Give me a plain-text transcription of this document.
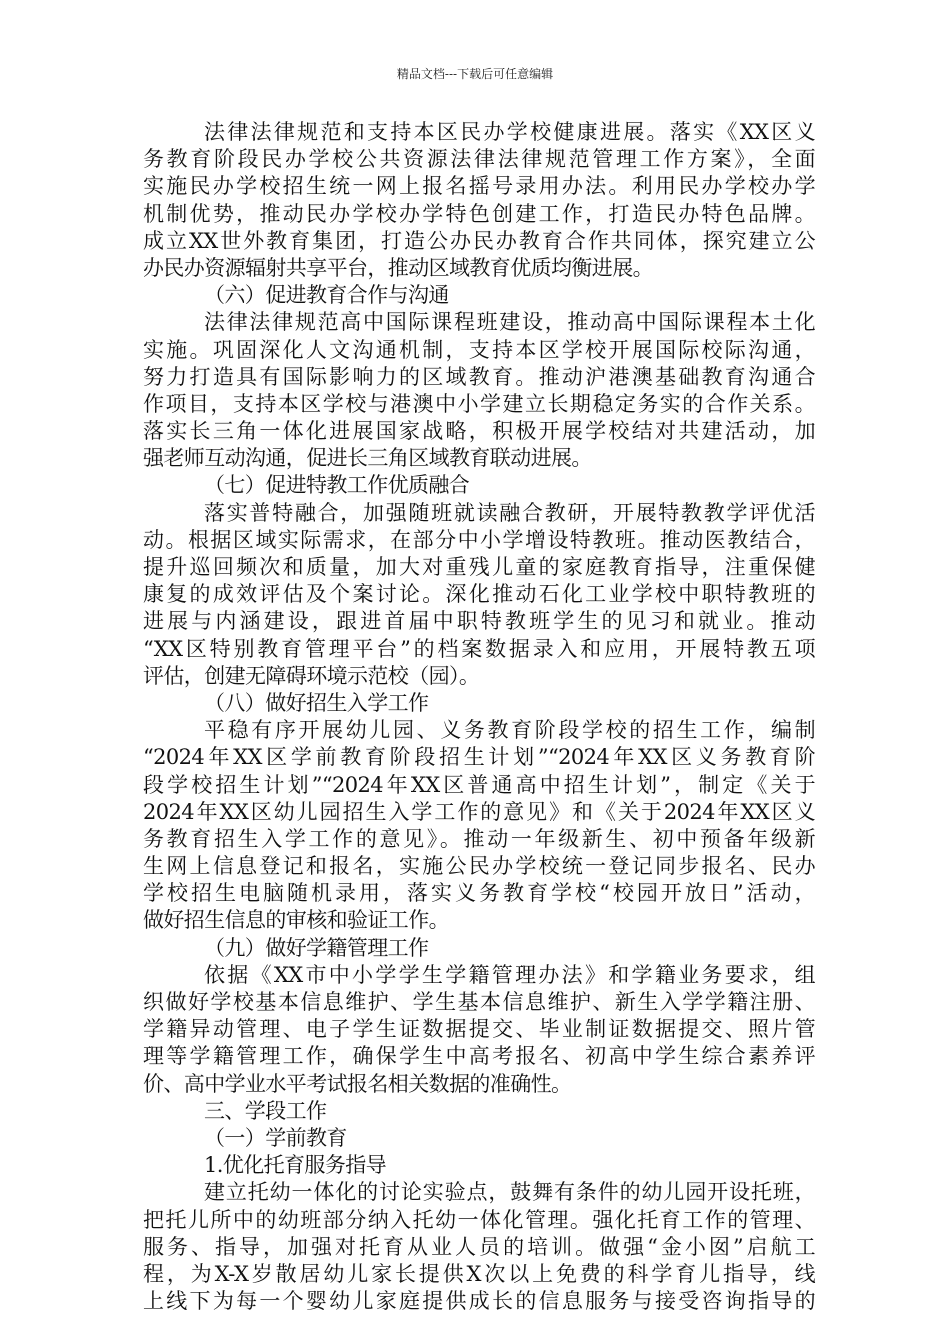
精品文档---下载后可任意编辑
法律法律规范和支持本区民办学校健康进展。落实《XX区义
务教育阶段民办学校公共资源法律法律规范管理工作方案》，全面
实施民办学校招生统一网上报名摇号录用办法。利用民办学校办学
机制优势，推动民办学校办学特色创建工作，打造民办特色品牌。
成立XX世外教育集团，打造公办民办教育合作共同体，探究建立公
办民办资源辐射共享平台，推动区域教育优质均衡进展。
（六）促进教育合作与沟通
法律法律规范高中国际课程班建设，推动高中国际课程本土化
实施。巩固深化人文沟通机制，支持本区学校开展国际校际沟通，
努力打造具有国际影响力的区域教育。推动沪港澳基础教育沟通合
作项目，支持本区学校与港澳中小学建立长期稳定务实的合作关系。
落实长三角一体化进展国家战略，积极开展学校结对共建活动，加
强老师互动沟通，促进长三角区域教育联动进展。
（七）促进特教工作优质融合
落实普特融合，加强随班就读融合教研，开展特教教学评优活
动。根据区域实际需求，在部分中小学增设特教班。推动医教结合，
提升巡回频次和质量，加大对重残儿童的家庭教育指导，注重保健
康复的成效评估及个案讨论。深化推动石化工业学校中职特教班的
进展与内涵建设，跟进首届中职特教班学生的见习和就业。推动
“XX区特别教育管理平台”的档案数据录入和应用，开展特教五项
评估，创建无障碍环境示范校（园）。
（八）做好招生入学工作
平稳有序开展幼儿园、义务教育阶段学校的招生工作，编制
“2024年XX区学前教育阶段招生计划”“2024年XX区义务教育阶
段学校招生计划”“2024年XX区普通高中招生计划”，制定《关于
2024年XX区幼儿园招生入学工作的意见》和《关于2024年XX区义
务教育招生入学工作的意见》。推动一年级新生、初中预备年级新
生网上信息登记和报名，实施公民办学校统一登记同步报名、民办
学校招生电脑随机录用，落实义务教育学校“校园开放日”活动，
做好招生信息的审核和验证工作。
（九）做好学籍管理工作
依据《XX市中小学学生学籍管理办法》和学籍业务要求，组
织做好学校基本信息维护、学生基本信息维护、新生入学学籍注册、
学籍异动管理、电子学生证数据提交、毕业制证数据提交、照片管
理等学籍管理工作，确保学生中高考报名、初高中学生综合素养评
价、高中学业水平考试报名相关数据的准确性。
三、学段工作
（一）学前教育
1.优化托育服务指导
建立托幼一体化的讨论实验点，鼓舞有条件的幼儿园开设托班，
把托儿所中的幼班部分纳入托幼一体化管理。强化托育工作的管理、
服务、指导，加强对托育从业人员的培训。做强“金小囡”启航工
程，为X-X岁散居幼儿家长提供X次以上免费的科学育儿指导，线
上线下为每一个婴幼儿家庭提供成长的信息服务与接受咨询指导的
